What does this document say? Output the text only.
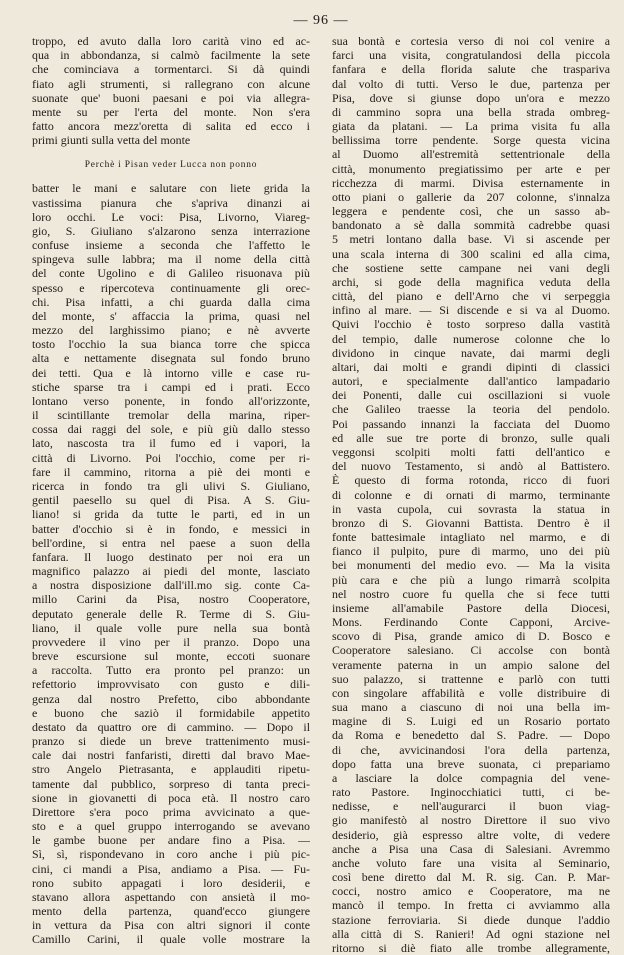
— 96 —

troppo, ed avuto dalla loro carità vino ed ac-
qua in abbondanza, si calmò facilmente la sete
che cominciava a tormentarci. Si dà quindi
fiato agli strumenti, si rallegrano con alcune
suonate que' buoni paesani e poi via allegra-
mente su per l'erta del monte. Non s'era
fatto ancora mezz'oretta di salita ed ecco i
primi giunti sulla vetta del monte

Perchè i Pisan veder Lucca non ponno

batter le mani e salutare con liete grida la
vastissima pianura che s'apriva dinanzi ai
loro occhi. Le voci: Pisa, Livorno, Viareg-
gio, S. Giuliano s'alzarono senza interrazione
confuse insieme a seconda che l'affetto le
spingeva sulle labbra; ma il nome della città
del conte Ugolino e di Galileo risuonava più
spesso e ripercoteva continuamente gli orec-
chi. Pisa infatti, a chi guarda dalla cima
del monte, s' affaccia la prima, quasi nel
mezzo del larghissimo piano; e nè avverte
tosto l'occhio la sua bianca torre che spicca
alta e nettamente disegnata sul fondo bruno
dei tetti. Qua e là intorno ville e case ru-
stiche sparse tra i campi ed i prati. Ecco
lontano verso ponente, in fondo all'orizzonte,
il scintillante tremolar della marina, riper-
cossa dai raggi del sole, e più giù dallo stesso
lato, nascosta tra il fumo ed i vapori, la
città di Livorno. Poi l'occhio, come per ri-
fare il cammino, ritorna a piè dei monti e
ricerca in fondo tra gli ulivi S. Giuliano,
gentil paesello su quel di Pisa. A S. Giu-
liano! si grida da tutte le parti, ed in un
batter d'occhio si è in fondo, e messici in
bell'ordine, si entra nel paese a suon della
fanfara. Il luogo destinato per noi era un
magnifico palazzo ai piedi del monte, lasciato
a nostra disposizione dall'ill.mo sig. conte Ca-
millo Carini da Pisa, nostro Cooperatore,
deputato generale delle R. Terme di S. Giu-
liano, il quale volle pure nella sua bontà
provvedere il vino per il pranzo. Dopo una
breve escursione sul monte, eccoti suonare
a raccolta. Tutto era pronto pel pranzo: un
refettorio improvvisato con gusto e dili-
genza dal nostro Prefetto, cibo abbondante
e buono che saziò il formidabile appetito
destato da quattro ore di cammino. — Dopo il
pranzo si diede un breve trattenimento musi-
cale dai nostri fanfaristi, diretti dal bravo Mae-
stro Angelo Pietrasanta, e applauditi ripetu-
tamente dal pubblico, sorpreso di tanta preci-
sione in giovanetti di poca età. Il nostro caro
Direttore s'era poco prima avvicinato a que-
sto e a quel gruppo interrogando se avevano
le gambe buone per andare fino a Pisa. —
Sì, sì, rispondevano in coro anche i più pic-
cini, ci mandi a Pisa, andiamo a Pisa. — Fu-
rono subito appagati i loro desiderii, e
stavano allora aspettando con ansietà il mo-
mento della partenza, quand'ecco giungere
in vettura da Pisa con altri signori il conte
Camillo Carini, il quale volle mostrare la

sua bontà e cortesia verso di noi col venire a
farci una visita, congratulandosi della piccola
fanfara e della florida salute che traspariva
dal volto di tutti. Verso le due, partenza per
Pisa, dove si giunse dopo un'ora e mezzo
di cammino sopra una bella strada ombreg-
giata da platani. — La prima visita fu alla
bellissima torre pendente. Sorge questa vicina
al Duomo all'estremità settentrionale della
città, monumento pregiatissimo per arte e per
ricchezza di marmi. Divisa esternamente in
otto piani o gallerie da 207 colonne, s'innalza
leggera e pendente così, che un sasso ab-
bandonato a sè dalla sommità cadrebbe quasi
5 metri lontano dalla base. Vi si ascende per
una scala interna di 300 scalini ed alla cima,
che sostiene sette campane nei vani degli
archi, si gode della magnifica veduta della
città, del piano e dell'Arno che vi serpeggia
infino al mare. — Si discende e si va al Duomo.
Quivi l'occhio è tosto sorpreso dalla vastità
del tempio, dalle numerose colonne che lo
dividono in cinque navate, dai marmi degli
altari, dai molti e grandi dipinti di classici
autori, e specialmente dall'antico lampadario
dei Ponenti, dalle cui oscillazioni si vuole
che Galileo traesse la teoria del pendolo.
Poi passando innanzi la facciata del Duomo
ed alle sue tre porte di bronzo, sulle quali
veggonsi scolpiti molti fatti dell'antico e
del nuovo Testamento, si andò al Battistero.
È questo di forma rotonda, ricco di fuori
di colonne e di ornati di marmo, terminante
in vasta cupola, cui sovrasta la statua in
bronzo di S. Giovanni Battista. Dentro è il
fonte battesimale intagliato nel marmo, e di
fianco il pulpito, pure di marmo, uno dei più
bei monumenti del medio evo. — Ma la visita
più cara e che più a lungo rimarrà scolpita
nel nostro cuore fu quella che si fece tutti
insieme all'amabile Pastore della Diocesi,
Mons. Ferdinando Conte Capponi, Arcive-
scovo di Pisa, grande amico di D. Bosco e
Cooperatore salesiano. Ci accolse con bontà
veramente paterna in un ampio salone del
suo palazzo, si trattenne e parlò con tutti
con singolare affabilità e volle distribuire di
sua mano a ciascuno di noi una bella im-
magine di S. Luigi ed un Rosario portato
da Roma e benedetto dal S. Padre. — Dopo
di che, avvicinandosi l'ora della partenza,
dopo fatta una breve suonata, ci prepariamo
a lasciare la dolce compagnia del vene-
rato Pastore. Inginocchiatici tutti, ci be-
nedisse, e nell'augurarci il buon viag-
gio manifestò al nostro Direttore il suo vivo
desiderio, già espresso altre volte, di vedere
anche a Pisa una Casa di Salesiani. Avremmo
anche voluto fare una visita al Seminario,
così bene diretto dal M. R. sig. Can. P. Mar-
cocci, nostro amico e Cooperatore, ma ne
mancò il tempo. In fretta ci avviammo alla
stazione ferroviaria. Si diede dunque l'addio
alla città di S. Ranieri! Ad ogni stazione nel
ritorno si diè fiato alle trombe allegramente,
